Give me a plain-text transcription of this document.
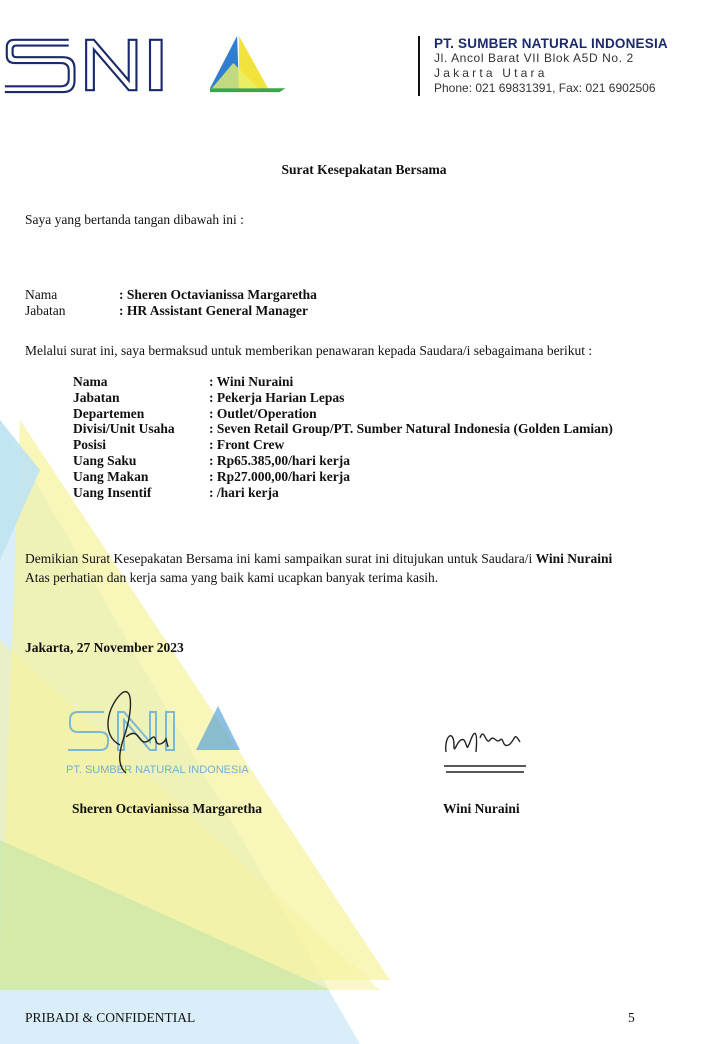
PT. SUMBER NATURAL INDONESIA
Jl. Ancol Barat VII Blok A5D No. 2
Jakarta Utara
Phone: 021 69831391, Fax: 021 6902506
Surat Kesepakatan Bersama
Saya yang bertanda tangan dibawah ini :
Nama	: Sheren Octavianissa Margaretha
Jabatan	: HR Assistant General Manager
Melalui surat ini, saya bermaksud untuk memberikan penawaran kepada Saudara/i sebagaimana berikut :
Nama	: Wini Nuraini
Jabatan	: Pekerja Harian Lepas
Departemen	: Outlet/Operation
Divisi/Unit Usaha	: Seven Retail Group/PT. Sumber Natural Indonesia (Golden Lamian)
Posisi	: Front Crew
Uang Saku	: Rp65.385,00/hari kerja
Uang Makan	: Rp27.000,00/hari kerja
Uang Insentif	: /hari kerja
Demikian Surat Kesepakatan Bersama ini kami sampaikan surat ini ditujukan untuk Saudara/i Wini Nuraini
Atas perhatian dan kerja sama yang baik kami ucapkan banyak terima kasih.
Jakarta, 27 November 2023
PT. SUMBER NATURAL INDONESIA
Sheren Octavianissa Margaretha	Wini Nuraini
PRIBADI & CONFIDENTIAL	5
